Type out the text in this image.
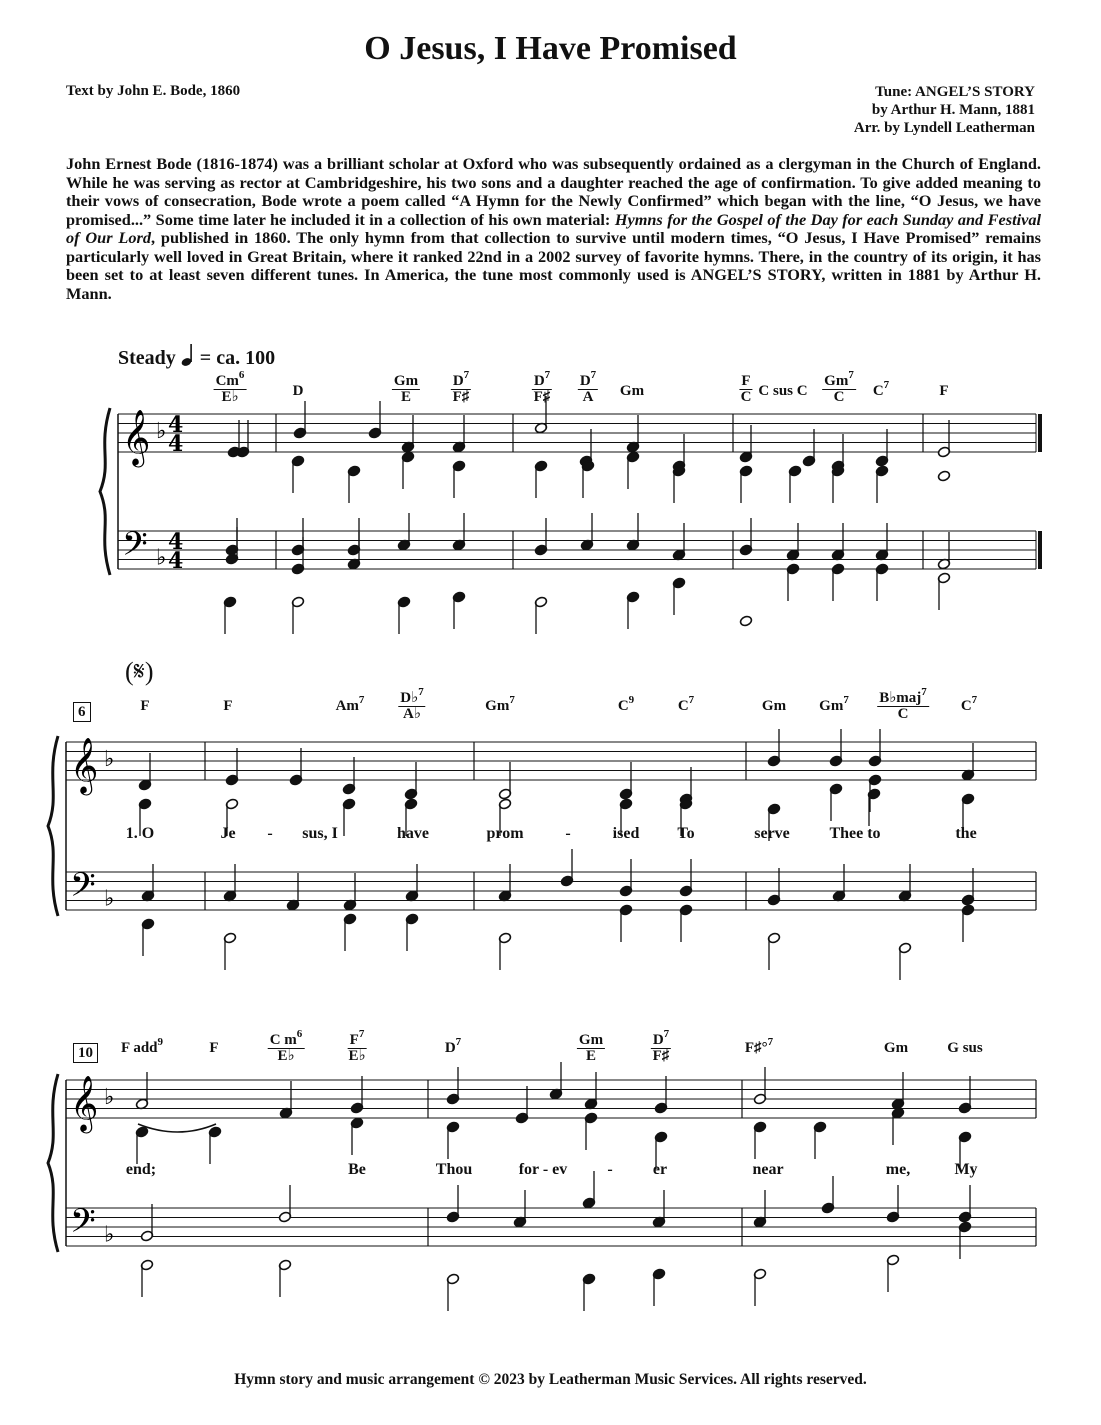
O Jesus, I Have Promised
Text by John E. Bode, 1860	Tune: ANGEL’S STORY
by Arthur H. Mann, 1881
Arr. by Lyndell Leatherman
John Ernest Bode (1816-1874) was a brilliant scholar at Oxford who was subsequently ordained as a clergyman in the Church of England. While he was serving as rector at Cambridgeshire, his two sons and a daughter reached the age of confirmation. To give added meaning to their vows of consecration, Bode wrote a poem called “A Hymn for the Newly Confirmed” which began with the line, “O Jesus, we have promised...” Some time later he included it in a collection of his own material: Hymns for the Gospel of the Day for each Sunday and Festival of Our Lord, published in 1860. The only hymn from that collection to survive until modern times, “O Jesus, I Have Promised” remains particularly well loved in Great Britain, where it ranked 22nd in a 2002 survey of favorite hymns. There, in the country of its origin, it has been set to at least seven different tunes. In America, the tune most commonly used is ANGEL’S STORY, written in 1881 by Arthur H. Mann.
Steady = ca. 100
(𝄋)
6
10
$\frac{Cm^6}{E♭}$	D	$\frac{Gm}{E} \frac{D^7}{F♯}$	$\frac{D^7}{F♯} \frac{D^7}{A}$ Gm	$\frac{F}{C}$ C sus C $\frac{Gm^7}{C} C^7$	F
F	F	$Am^7 \frac{D♭^7}{A♭}$	Gm$^7$	$C^9$	$C^7$	Gm $Gm^7 \frac{B♭maj^7}{C} C^7$
F add$^9$	F	$\frac{C m^6}{E♭}$	$\frac{F^7}{E♭}$	$D^7$	$\frac{Gm}{E}$	$\frac{D^7}{F♯}$	F♯°$^7$	Gm	G sus
1. O	Je - sus, I	have	prom	-	ised To	serve Thee to	the
end;	Be	Thou	for - ev	-	er	near	me,	My
𝄞
𝄢
♭
♭
4
4
4
4
𝄞
𝄢
♭
♭
𝄞
𝄢
♭
♭
Hymn story and music arrangement © 2023 by Leatherman Music Services. All rights reserved.
